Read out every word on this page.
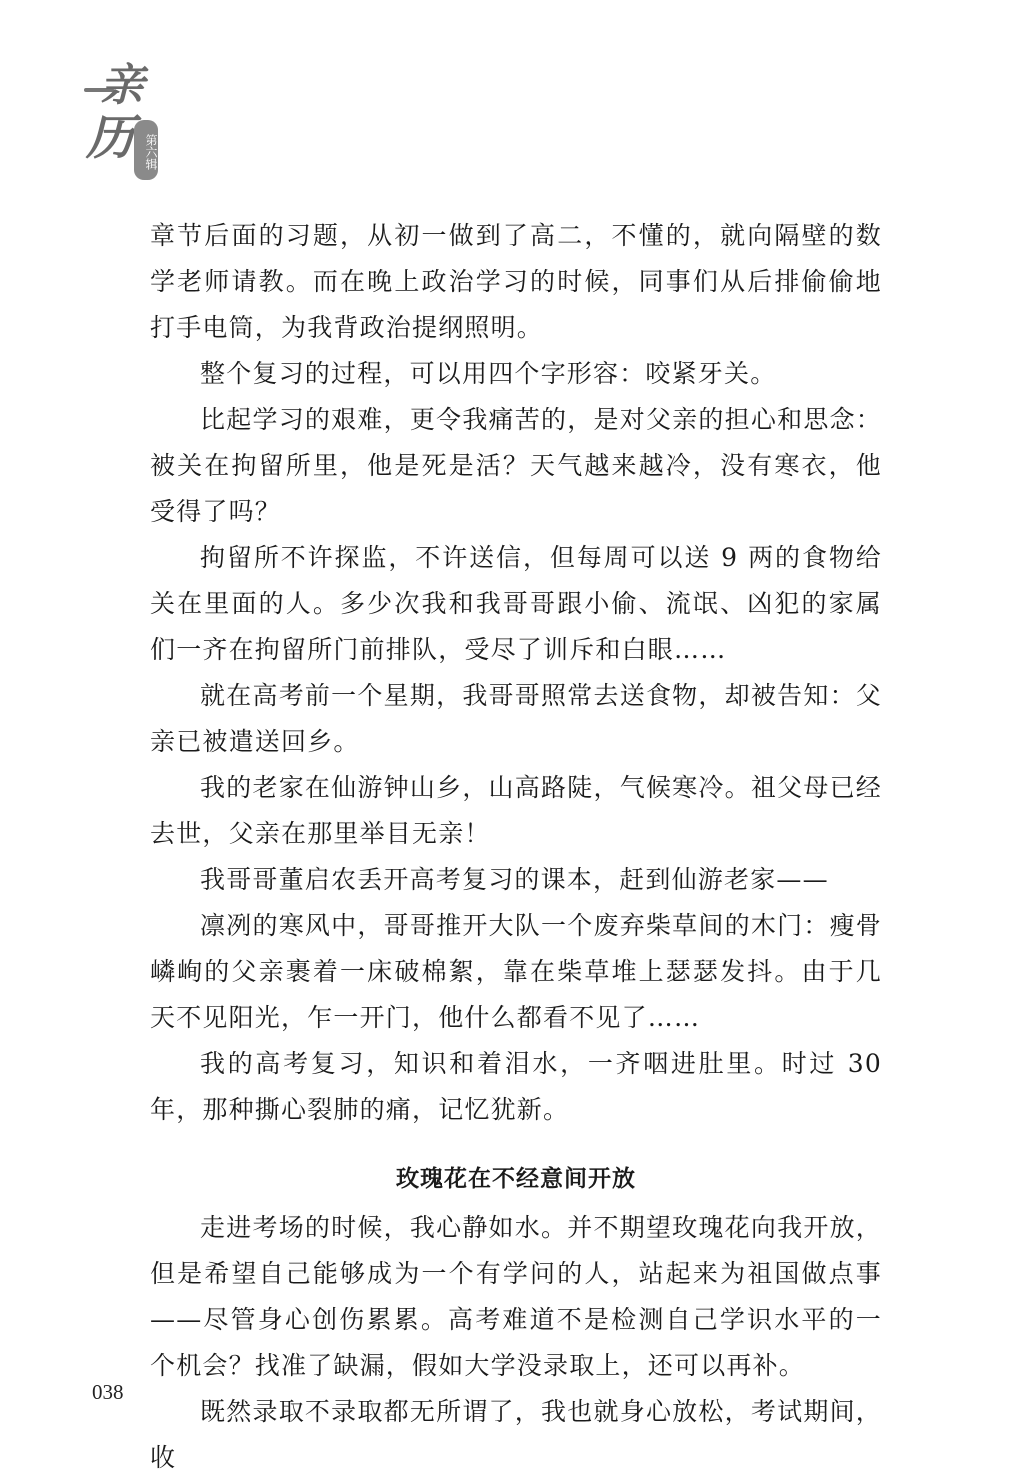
亲
历 第六辑

章节后面的习题，从初一做到了高二，不懂的，就向隔壁的数学老师请教。而在晚上政治学习的时候，同事们从后排偷偷地打手电筒，为我背政治提纲照明。

整个复习的过程，可以用四个字形容：咬紧牙关。

比起学习的艰难，更令我痛苦的，是对父亲的担心和思念：被关在拘留所里，他是死是活？天气越来越冷，没有寒衣，他受得了吗？

拘留所不许探监，不许送信，但每周可以送 9 两的食物给关在里面的人。多少次我和我哥哥跟小偷、流氓、凶犯的家属们一齐在拘留所门前排队，受尽了训斥和白眼……

就在高考前一个星期，我哥哥照常去送食物，却被告知：父亲已被遣送回乡。

我的老家在仙游钟山乡，山高路陡，气候寒冷。祖父母已经去世，父亲在那里举目无亲！

我哥哥董启农丢开高考复习的课本，赶到仙游老家——

凛冽的寒风中，哥哥推开大队一个废弃柴草间的木门：瘦骨嶙峋的父亲裹着一床破棉絮，靠在柴草堆上瑟瑟发抖。由于几天不见阳光，乍一开门，他什么都看不见了……

我的高考复习，知识和着泪水，一齐咽进肚里。时过 30 年，那种撕心裂肺的痛，记忆犹新。

玫瑰花在不经意间开放

走进考场的时候，我心静如水。并不期望玫瑰花向我开放，但是希望自己能够成为一个有学问的人，站起来为祖国做点事——尽管身心创伤累累。高考难道不是检测自己学识水平的一个机会？找准了缺漏，假如大学没录取上，还可以再补。

既然录取不录取都无所谓了，我也就身心放松，考试期间，收

038
